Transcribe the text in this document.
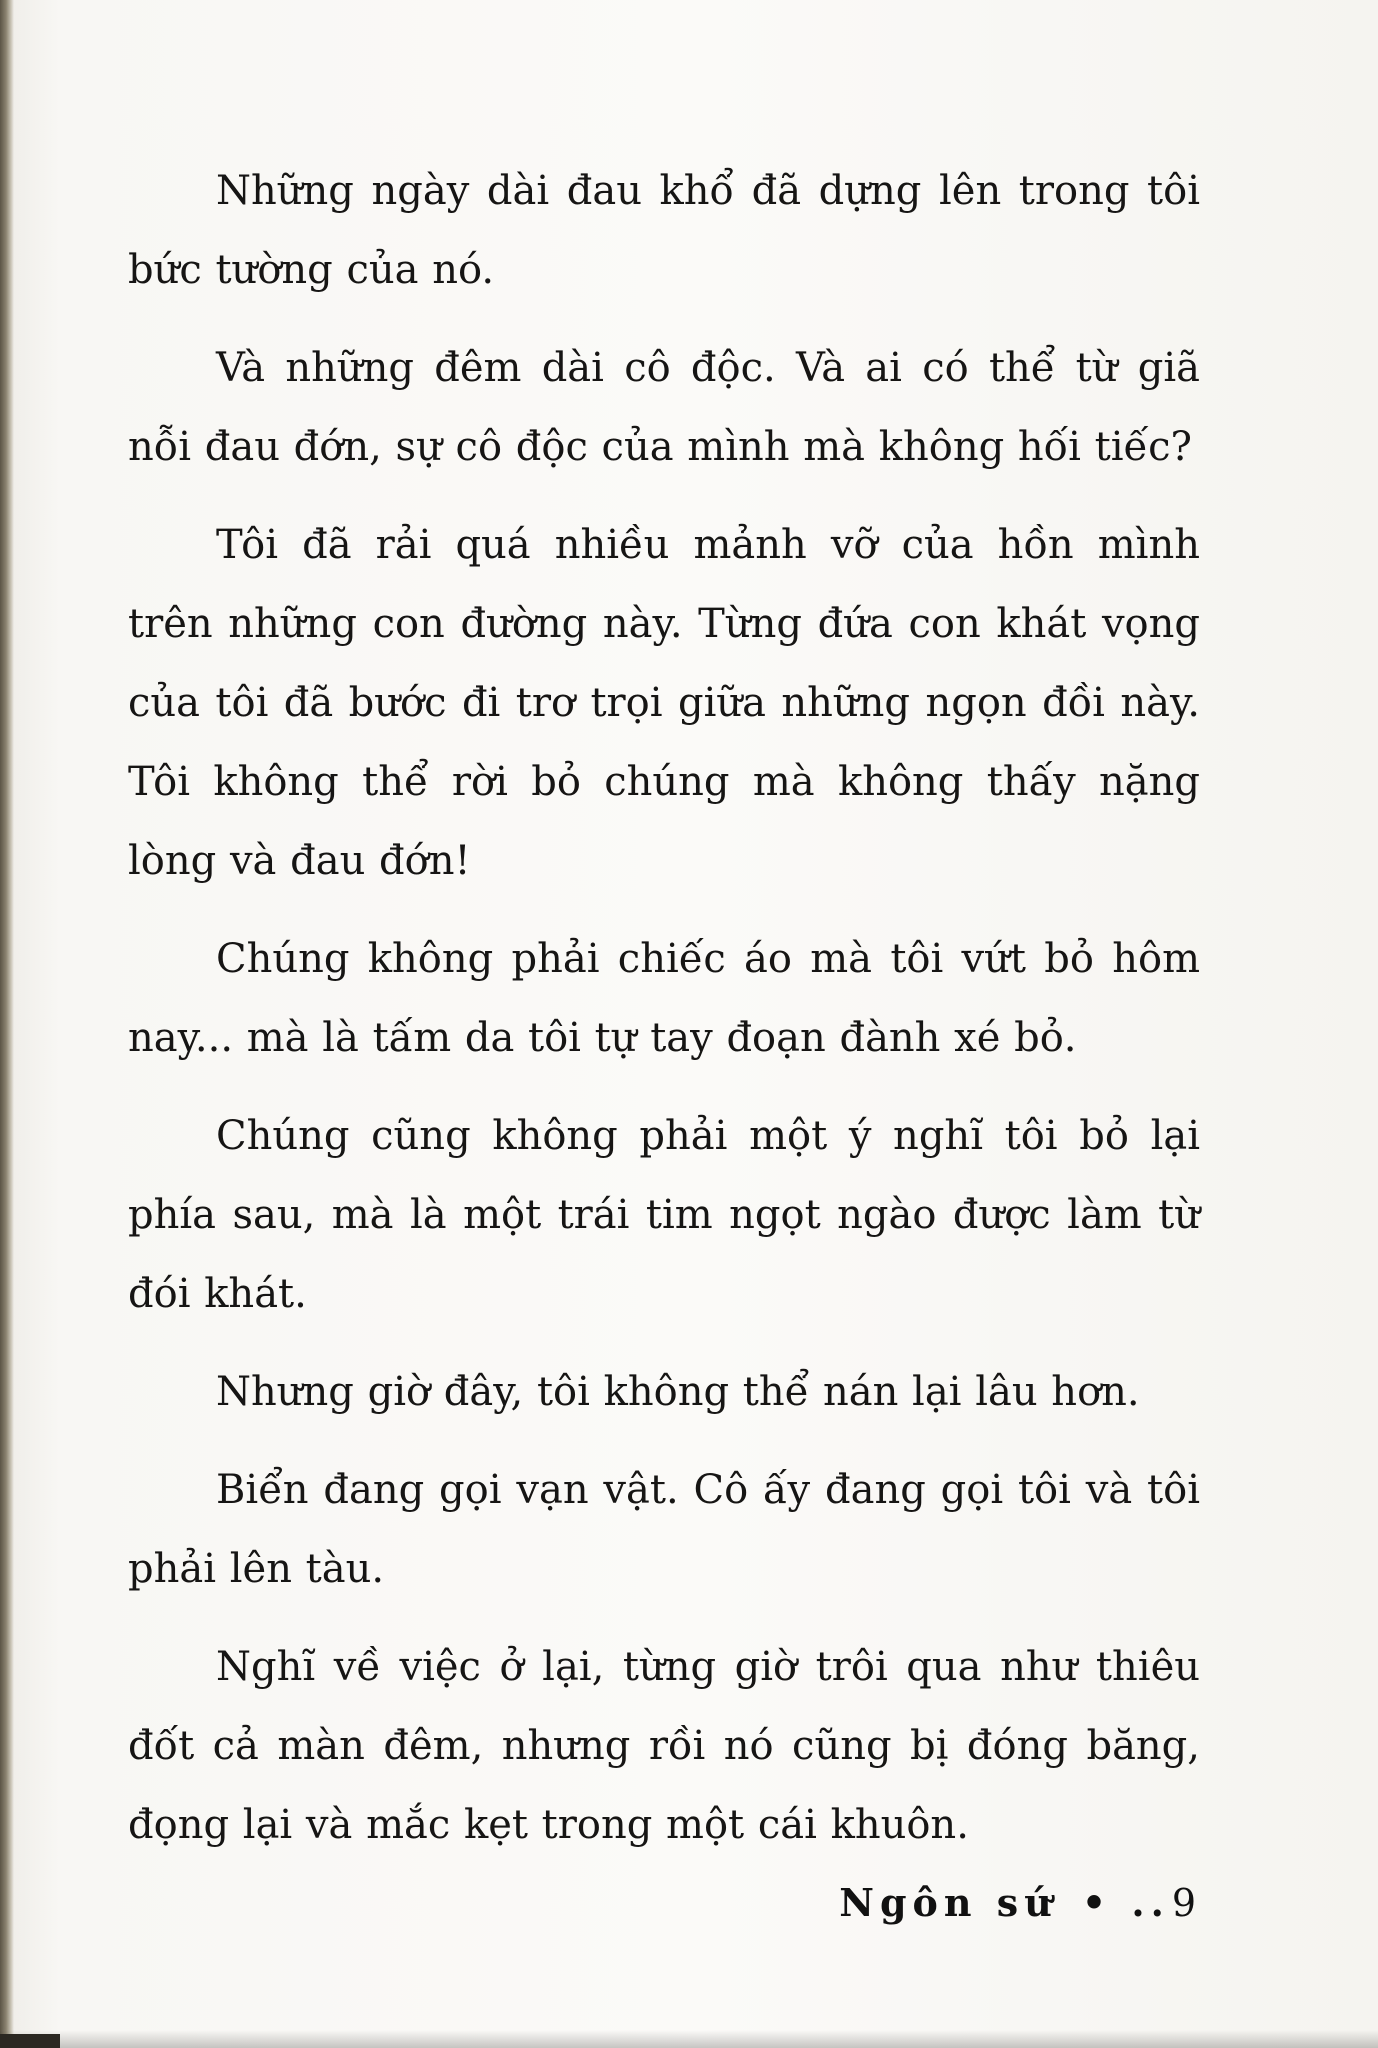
Những ngày dài đau khổ đã dựng lên trong tôi bức tường của nó.

Và những đêm dài cô độc. Và ai có thể từ giã nỗi đau đớn, sự cô độc của mình mà không hối tiếc?

Tôi đã rải quá nhiều mảnh vỡ của hồn mình trên những con đường này. Từng đứa con khát vọng của tôi đã bước đi trơ trọi giữa những ngọn đồi này. Tôi không thể rời bỏ chúng mà không thấy nặng lòng và đau đớn!

Chúng không phải chiếc áo mà tôi vứt bỏ hôm nay... mà là tấm da tôi tự tay đoạn đành xé bỏ.

Chúng cũng không phải một ý nghĩ tôi bỏ lại phía sau, mà là một trái tim ngọt ngào được làm từ đói khát.

Nhưng giờ đây, tôi không thể nán lại lâu hơn.

Biển đang gọi vạn vật. Cô ấy đang gọi tôi và tôi phải lên tàu.

Nghĩ về việc ở lại, từng giờ trôi qua như thiêu đốt cả màn đêm, nhưng rồi nó cũng bị đóng băng, đọng lại và mắc kẹt trong một cái khuôn.

Ngôn sứ • ..9
